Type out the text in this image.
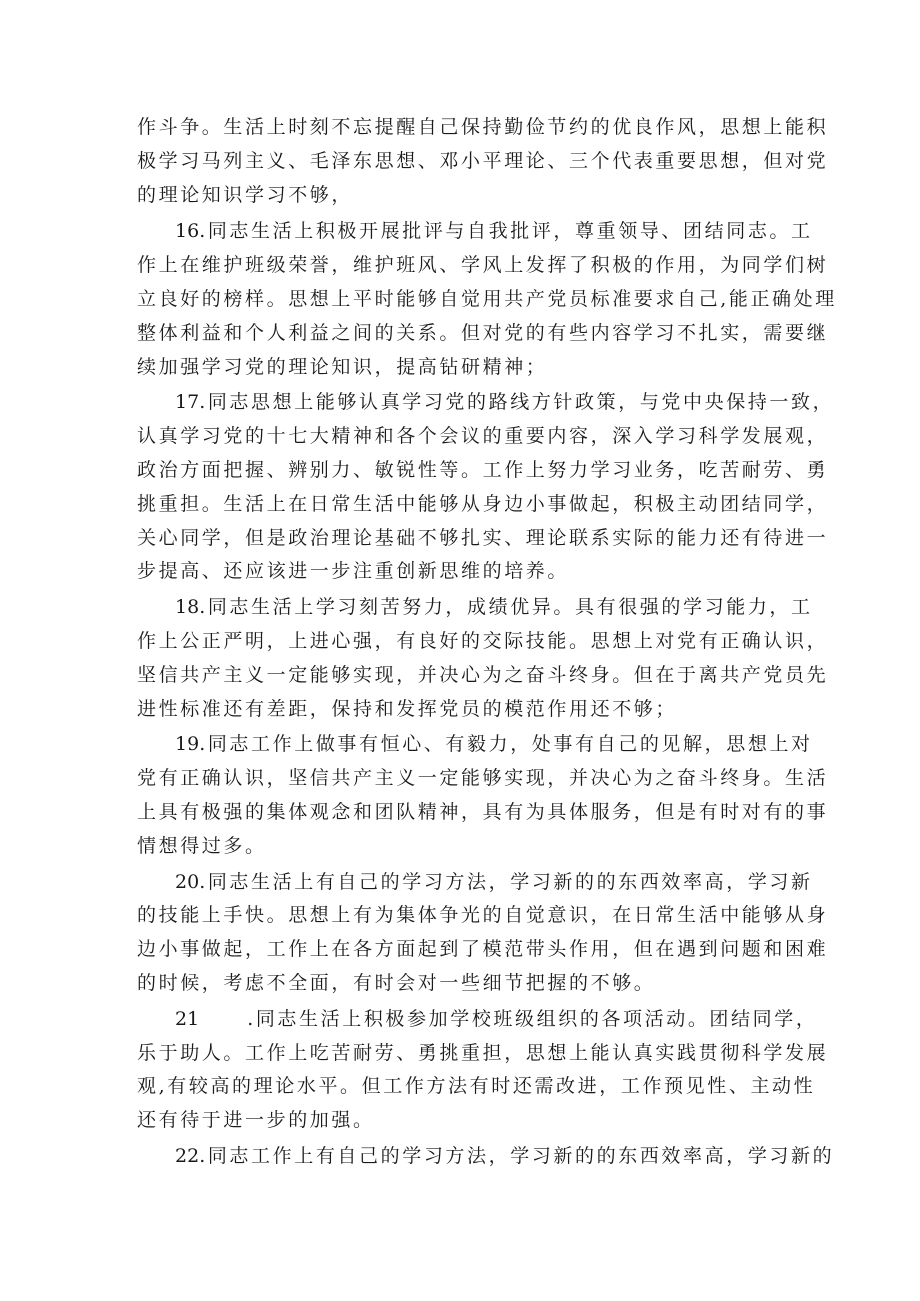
作斗争。生活上时刻不忘提醒自己保持勤俭节约的优良作风，思想上能积
极学习马列主义、毛泽东思想、邓小平理论、三个代表重要思想，但对党
的理论知识学习不够，

16.同志生活上积极开展批评与自我批评，尊重领导、团结同志。工
作上在维护班级荣誉，维护班风、学风上发挥了积极的作用，为同学们树
立良好的榜样。思想上平时能够自觉用共产党员标准要求自己,能正确处理
整体利益和个人利益之间的关系。但对党的有些内容学习不扎实，需要继
续加强学习党的理论知识，提高钻研精神；

17.同志思想上能够认真学习党的路线方针政策，与党中央保持一致，
认真学习党的十七大精神和各个会议的重要内容，深入学习科学发展观，
政治方面把握、辨别力、敏锐性等。工作上努力学习业务，吃苦耐劳、勇
挑重担。生活上在日常生活中能够从身边小事做起，积极主动团结同学，
关心同学，但是政治理论基础不够扎实、理论联系实际的能力还有待进一
步提高、还应该进一步注重创新思维的培养。

18.同志生活上学习刻苦努力，成绩优异。具有很强的学习能力，工
作上公正严明，上进心强，有良好的交际技能。思想上对党有正确认识，
坚信共产主义一定能够实现，并决心为之奋斗终身。但在于离共产党员先
进性标准还有差距，保持和发挥党员的模范作用还不够；

19.同志工作上做事有恒心、有毅力，处事有自己的见解，思想上对
党有正确认识，坚信共产主义一定能够实现，并决心为之奋斗终身。生活
上具有极强的集体观念和团队精神，具有为具体服务，但是有时对有的事
情想得过多。

20.同志生活上有自己的学习方法，学习新的的东西效率高，学习新
的技能上手快。思想上有为集体争光的自觉意识，在日常生活中能够从身
边小事做起，工作上在各方面起到了模范带头作用，但在遇到问题和困难
的时候，考虑不全面，有时会对一些细节把握的不够。

21	.同志生活上积极参加学校班级组织的各项活动。团结同学，
乐于助人。工作上吃苦耐劳、勇挑重担，思想上能认真实践贯彻科学发展
观,有较高的理论水平。但工作方法有时还需改进，工作预见性、主动性
还有待于进一步的加强。

22.同志工作上有自己的学习方法，学习新的的东西效率高，学习新的
